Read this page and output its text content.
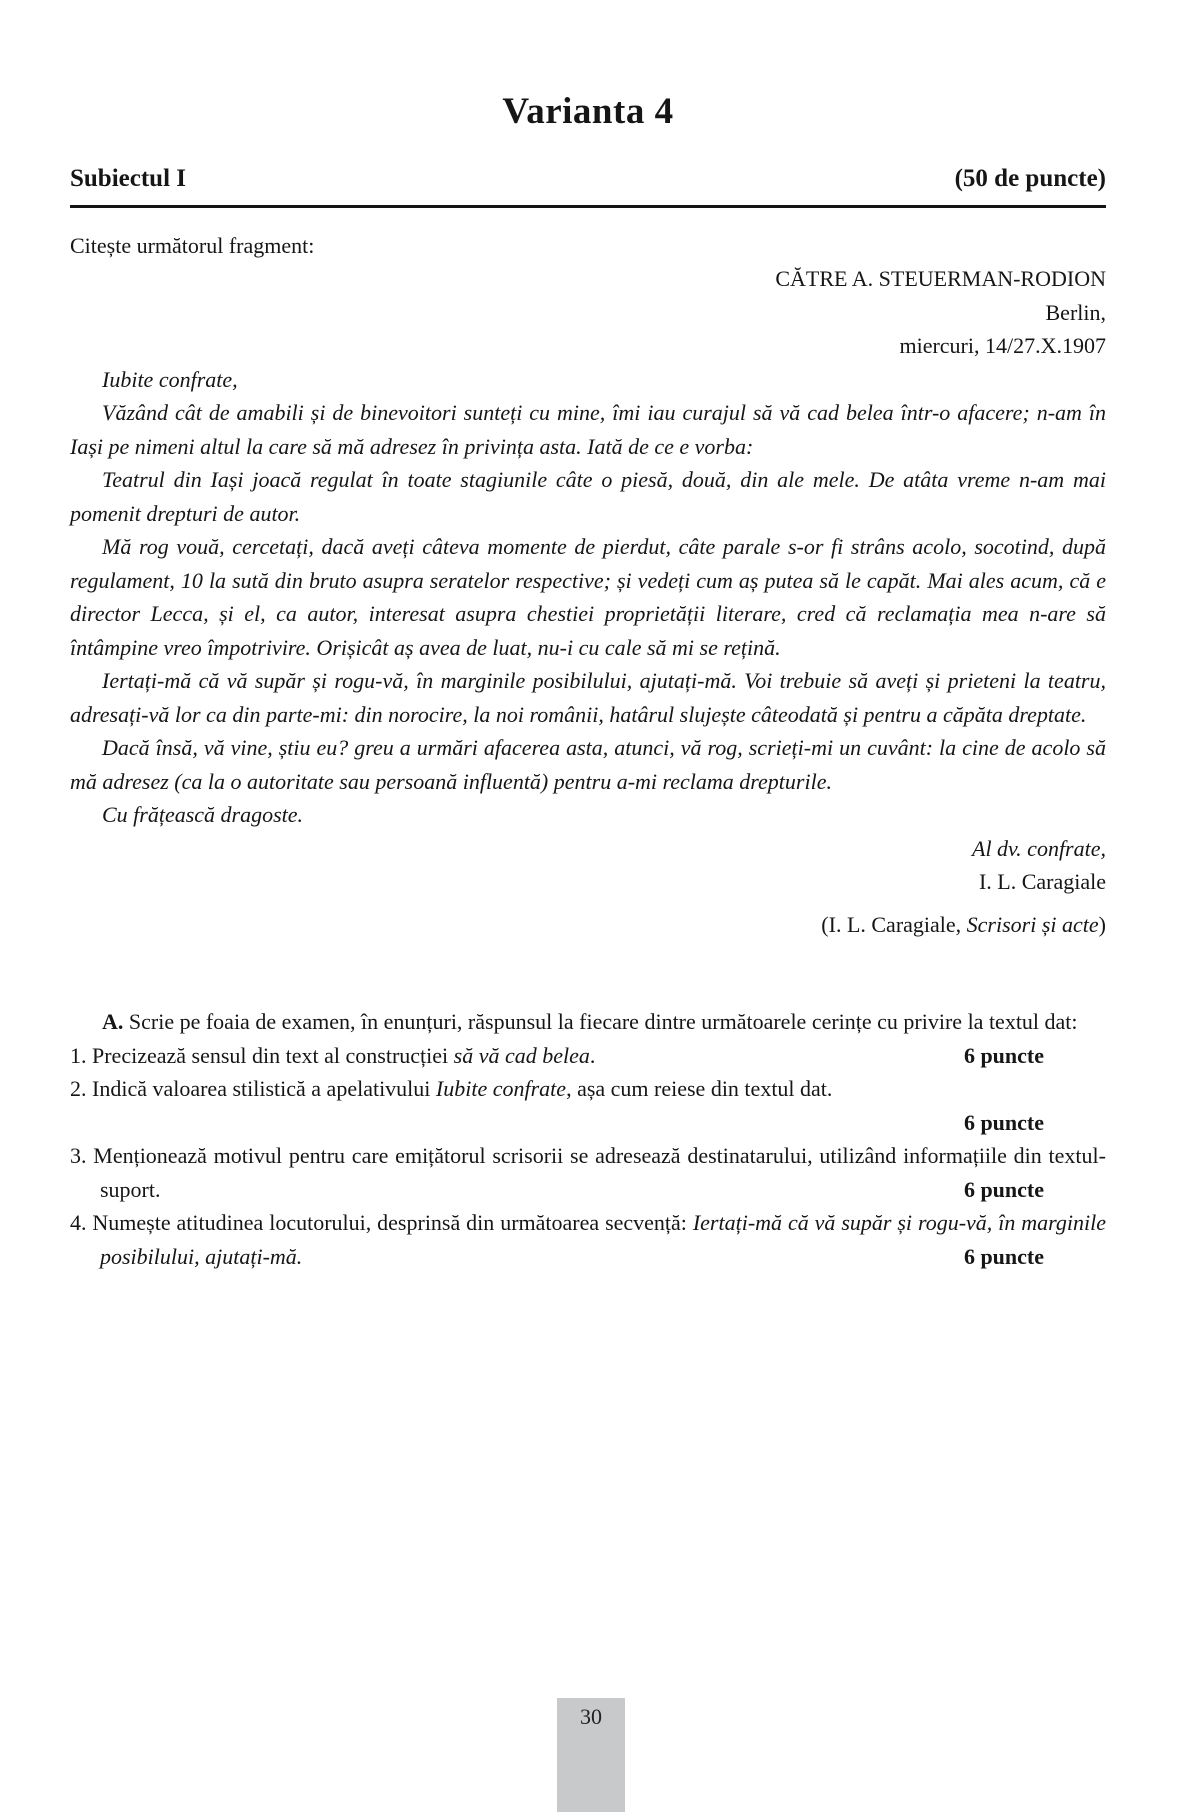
Varianta 4
Subiectul I	(50 de puncte)

Citește următorul fragment:

CĂTRE A. STEUERMAN-RODION
Berlin,
miercuri, 14/27.X.1907

Iubite confrate,

Văzând cât de amabili și de binevoitori sunteți cu mine, îmi iau curajul să vă cad belea într-o afacere; n-am în Iași pe nimeni altul la care să mă adresez în privința asta. Iată de ce e vorba:

Teatrul din Iași joacă regulat în toate stagiunile câte o piesă, două, din ale mele. De atâta vreme n-am mai pomenit drepturi de autor.

Mă rog vouă, cercetați, dacă aveți câteva momente de pierdut, câte parale s-or fi strâns acolo, socotind, după regulament, 10 la sută din bruto asupra seratelor respective; și vedeți cum aș putea să le capăt. Mai ales acum, că e director Lecca, și el, ca autor, interesat asupra chestiei proprietății literare, cred că reclamația mea n-are să întâmpine vreo împotrivire. Orișicât aș avea de luat, nu-i cu cale să mi se rețină.

Iertați-mă că vă supăr și rogu-vă, în marginile posibilului, ajutați-mă. Voi trebuie să aveți și prieteni la teatru, adresați-vă lor ca din parte-mi: din norocire, la noi românii, hatârul slujește câteodată și pentru a căpăta dreptate.

Dacă însă, vă vine, știu eu? greu a urmări afacerea asta, atunci, vă rog, scrieți-mi un cuvânt: la cine de acolo să mă adresez (ca la o autoritate sau persoană influentă) pentru a-mi reclama drepturile.

Cu frățească dragoste.

Al dv. confrate,
I. L. Caragiale
(I. L. Caragiale, Scrisori și acte)

A. Scrie pe foaia de examen, în enunțuri, răspunsul la fiecare dintre următoarele cerințe cu privire la textul dat:

1. Precizează sensul din text al construcției să vă cad belea.	6 puncte
2. Indică valoarea stilistică a apelativului Iubite confrate, așa cum reiese din textul dat.
6 puncte
3. Menționează motivul pentru care emițătorul scrisorii se adresează destinatarului, utilizând informațiile din textul-suport.	6 puncte
4. Numește atitudinea locutorului, desprinsă din următoarea secvență: Iertați-mă că vă supăr și rogu-vă, în marginile posibilului, ajutați-mă.	6 puncte
30
